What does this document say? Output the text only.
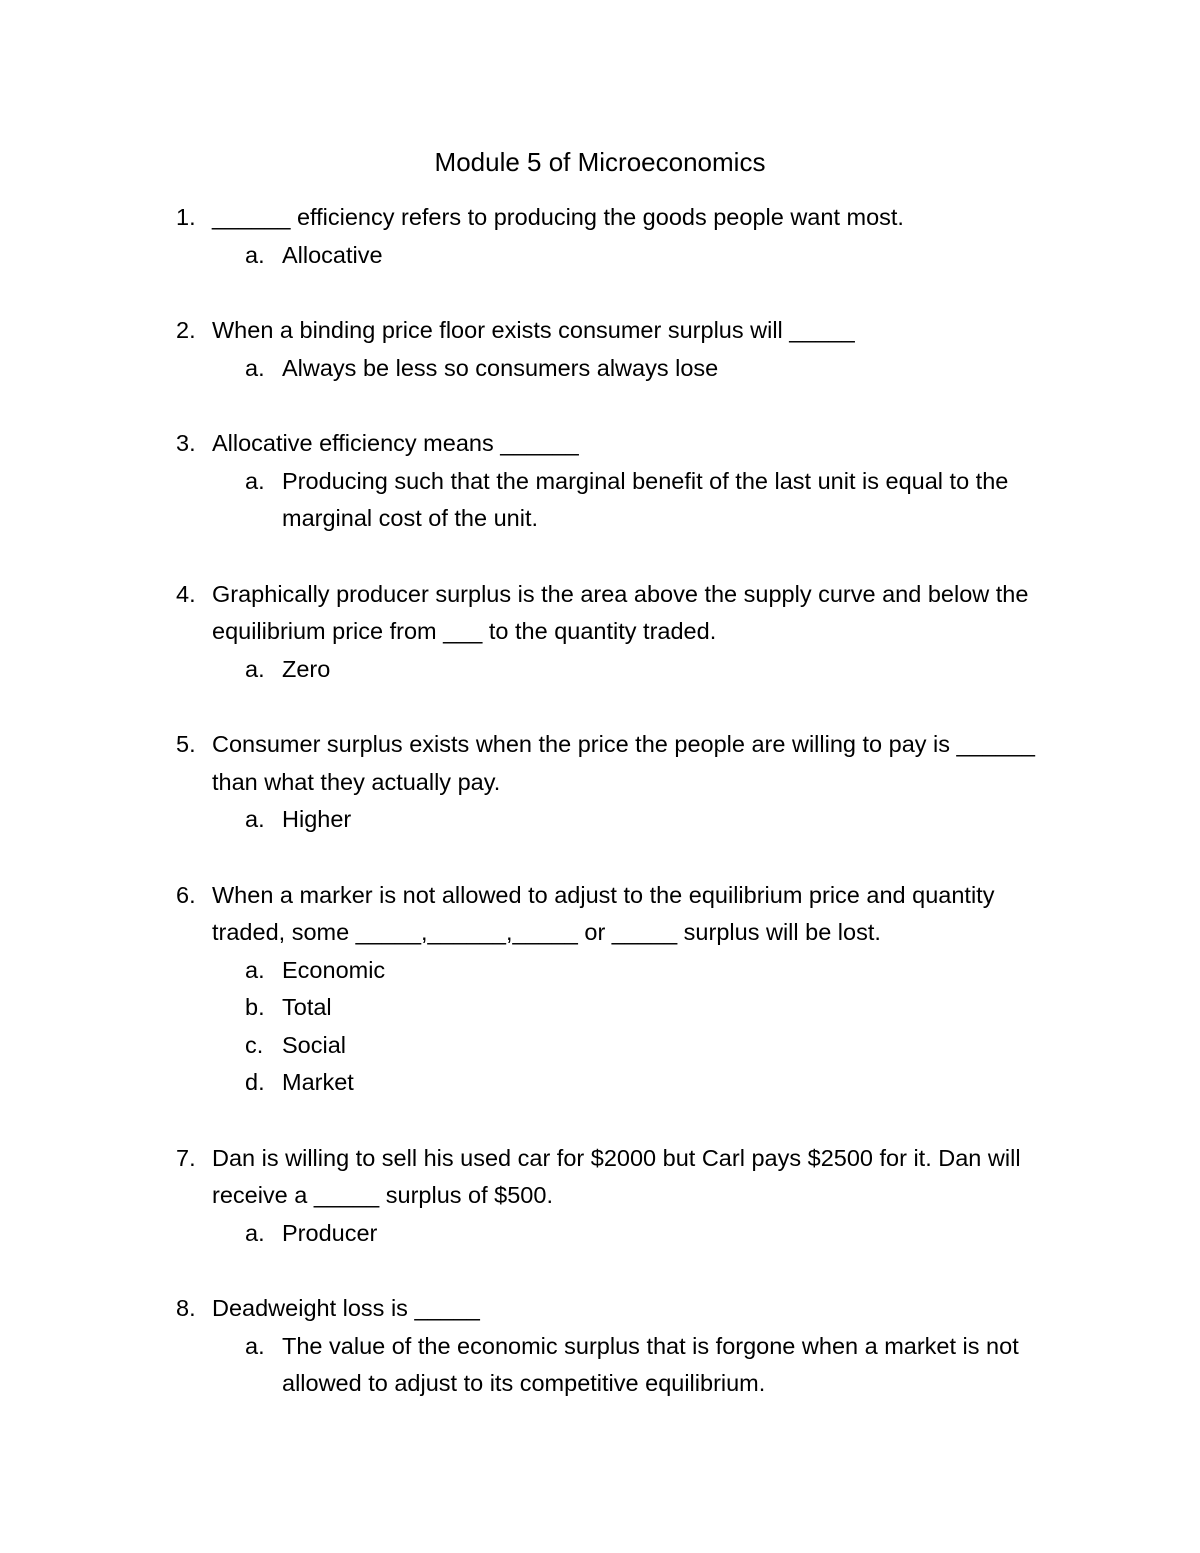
Module 5 of Microeconomics
1. ______ efficiency refers to producing the goods people want most.
a. Allocative
2. When a binding price floor exists consumer surplus will _____
a. Always be less so consumers always lose
3. Allocative efficiency means ______
a. Producing such that the marginal benefit of the last unit is equal to the marginal cost of the unit.
4. Graphically producer surplus is the area above the supply curve and below the equilibrium price from ___ to the quantity traded.
a. Zero
5. Consumer surplus exists when the price the people are willing to pay is ______ than what they actually pay.
a. Higher
6. When a marker is not allowed to adjust to the equilibrium price and quantity traded, some _____,______,_____ or _____ surplus will be lost.
a. Economic
b. Total
c. Social
d. Market
7. Dan is willing to sell his used car for $2000 but Carl pays $2500 for it. Dan will receive a _____ surplus of $500.
a. Producer
8. Deadweight loss is _____
a. The value of the economic surplus that is forgone when a market is not allowed to adjust to its competitive equilibrium.
